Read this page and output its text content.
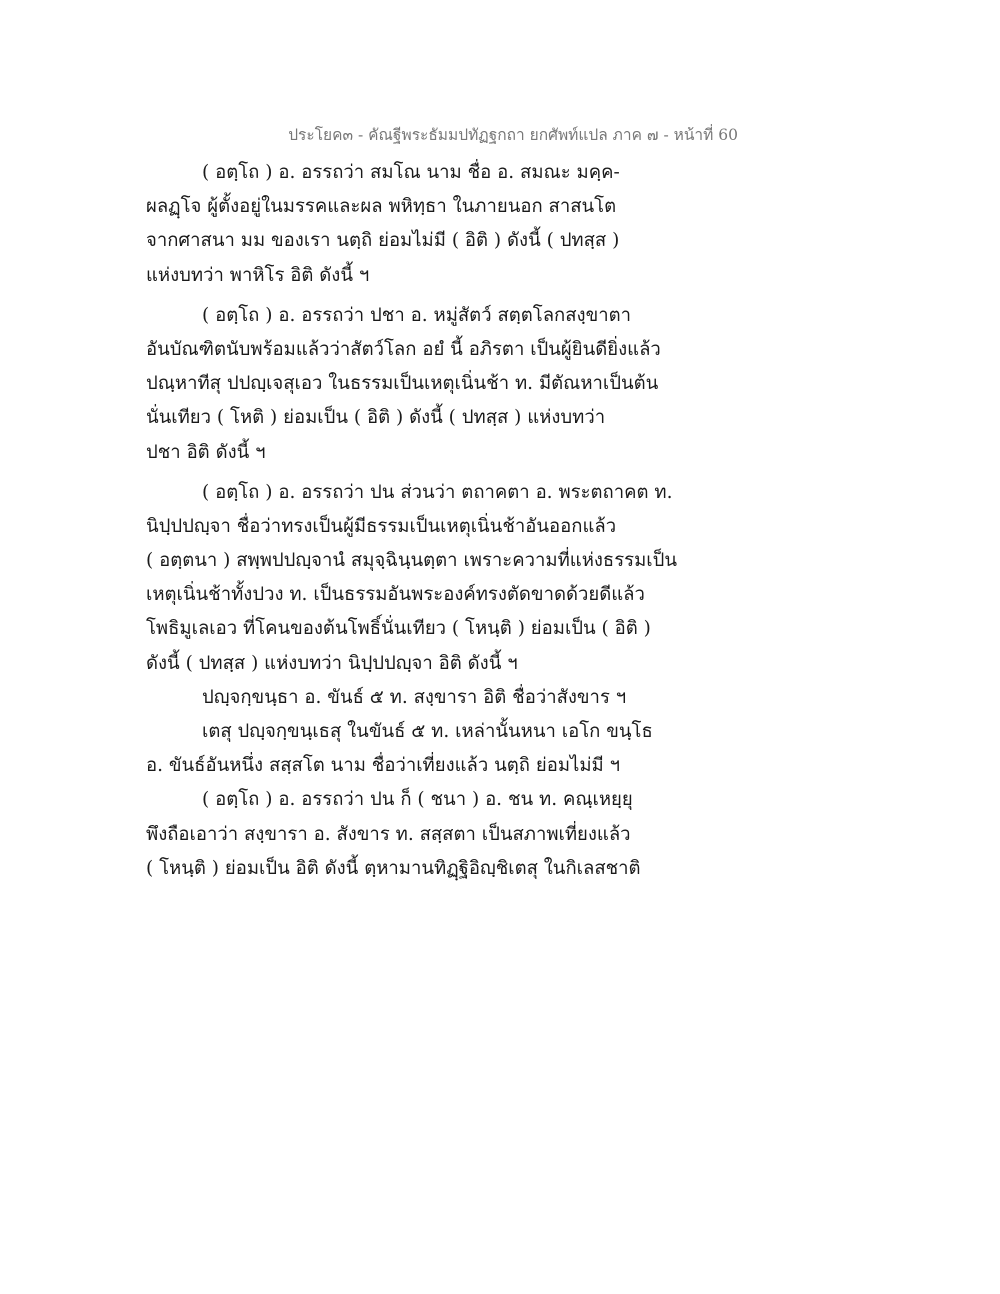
ประโยค๓ - คัณฐีพระธัมมปทัฏฐกถา ยกศัพท์แปล ภาค ๗ - หน้าที่ 60
( อตฺโถ ) อ. อรรถว่า สมโณ นาม ชื่อ อ. สมณะ มคฺค-
ผลฏฺโจ ผู้ตั้งอยู่ในมรรคและผล พหิทฺธา ในภายนอก สาสนโต
จากศาสนา มม ของเรา นตฺถิ ย่อมไม่มี ( อิติ ) ดังนี้ ( ปทสฺส )
แห่งบทว่า พาหิโร อิติ ดังนี้ ฯ
( อตฺโถ ) อ. อรรถว่า ปชา อ. หมู่สัตว์ สตฺตโลกสงฺขาตา
อันบัณฑิตนับพร้อมแล้วว่าสัตว์โลก อยํ นี้ อภิรตา เป็นผู้ยินดียิ่งแล้ว
ปณฺหาทีสุ ปปญฺเจสุเอว ในธรรมเป็นเหตุเนิ่นช้า ท. มีตัณหาเป็นต้น
นั่นเทียว ( โหติ ) ย่อมเป็น ( อิติ ) ดังนี้ ( ปทสฺส ) แห่งบทว่า
ปชา อิติ ดังนี้ ฯ
( อตฺโถ ) อ. อรรถว่า ปน ส่วนว่า ตถาคตา อ. พระตถาคต ท.
นิปฺปปญฺจา ชื่อว่าทรงเป็นผู้มีธรรมเป็นเหตุเนิ่นช้าอันออกแล้ว
( อตฺตนา ) สพฺพปปญฺจานํ สมุจฺฉินฺนตฺตา เพราะความที่แห่งธรรมเป็น
เหตุเนิ่นช้าทั้งปวง ท. เป็นธรรมอันพระองค์ทรงตัดขาดด้วยดีแล้ว
โพธิมูเลเอว ที่โคนของต้นโพธิ์นั่นเทียว ( โหนฺติ ) ย่อมเป็น ( อิติ )
ดังนี้ ( ปทสฺส ) แห่งบทว่า นิปฺปปญฺจา อิติ ดังนี้ ฯ
ปญฺจกฺขนฺธา อ. ขันธ์ ๕ ท. สงฺขารา อิติ ชื่อว่าสังขาร ฯ
เตสุ ปญฺจกฺขนฺเธสุ ในขันธ์ ๕ ท. เหล่านั้นหนา เอโก ขนฺโธ
อ. ขันธ์อันหนึ่ง สสฺสโต นาม ชื่อว่าเที่ยงแล้ว นตฺถิ ย่อมไม่มี ฯ
( อตฺโถ ) อ. อรรถว่า ปน ก็ ( ชนา ) อ. ชน ท. คณฺเหยฺยุ
พึงถือเอาว่า สงฺขารา อ. สังขาร ท. สสฺสตา เป็นสภาพเที่ยงแล้ว
( โหนฺติ ) ย่อมเป็น อิติ ดังนี้ ตฺหามานทิฏฺฐิอิญฺชิเตสุ ในกิเลสชาติ
